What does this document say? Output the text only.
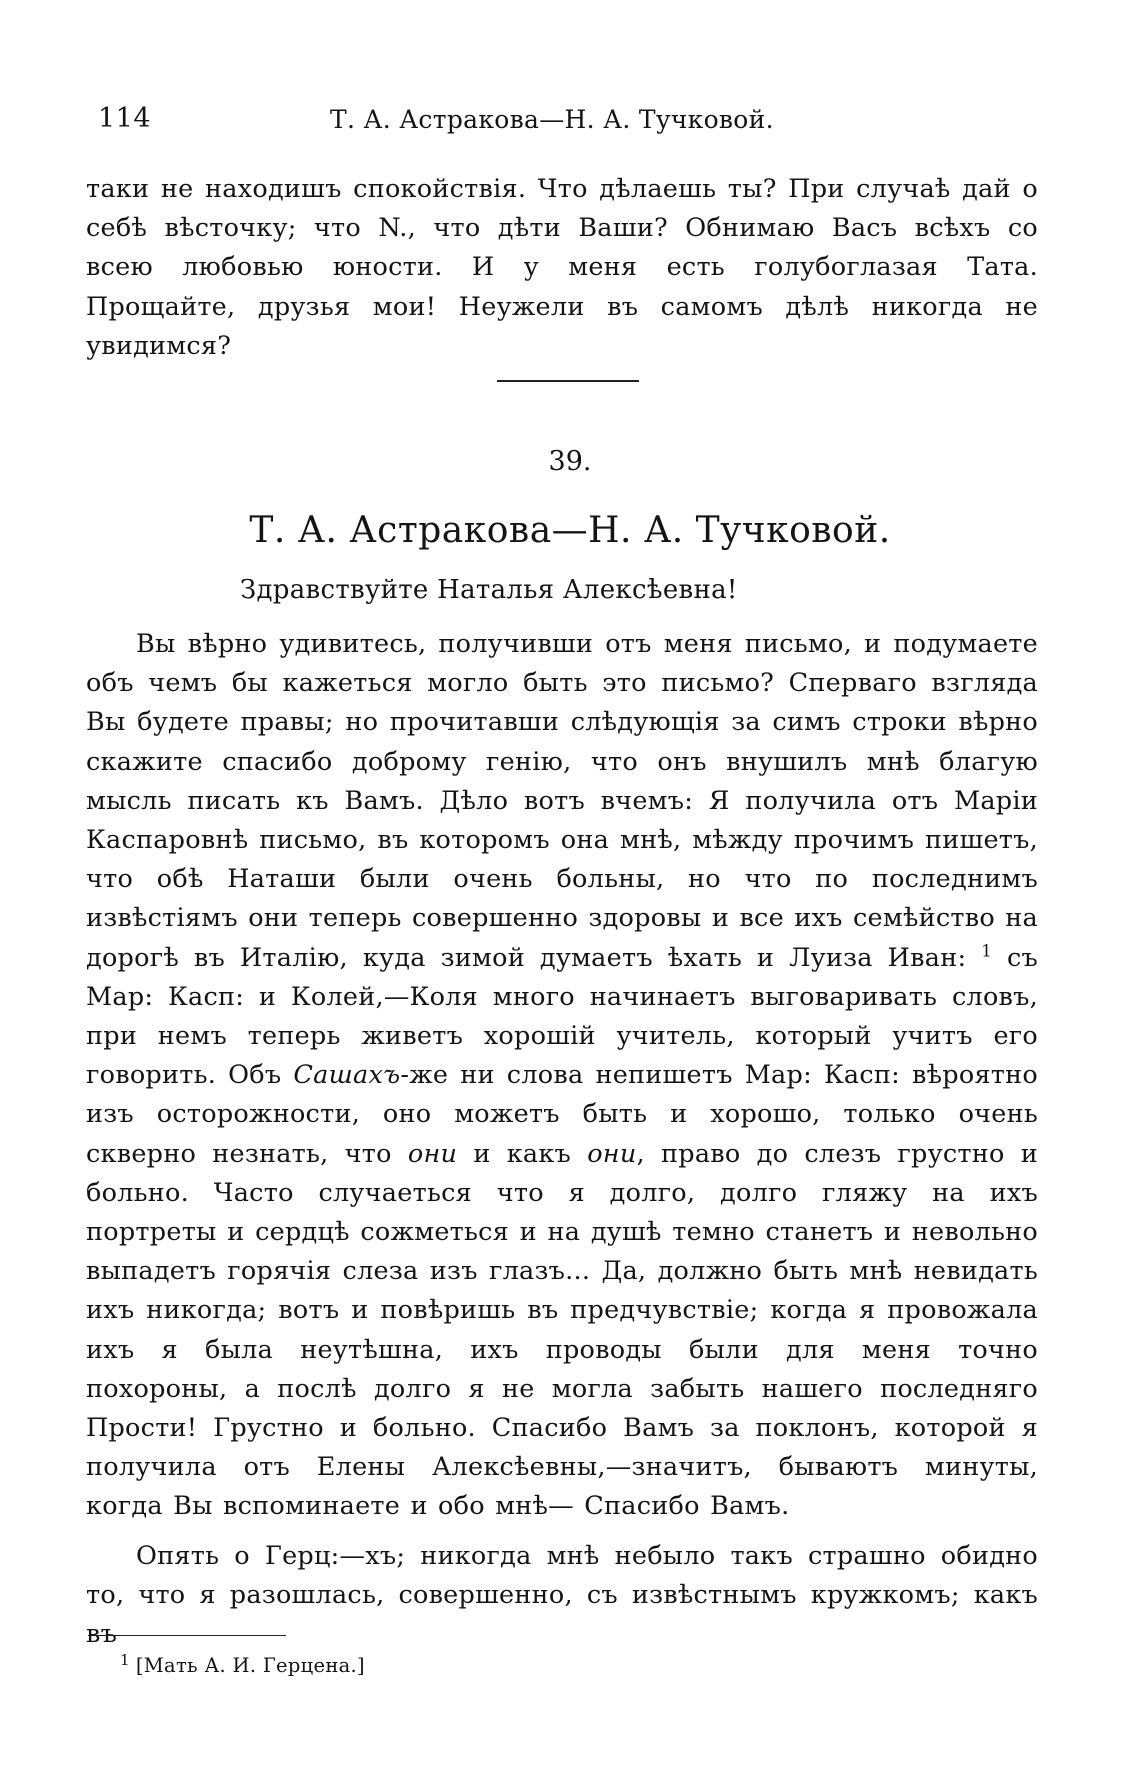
114	Т. А. Астракова—Н. А. Тучковой.

таки не находишъ спокойствія. Что дѣлаешь ты? При случаѣ дай о себѣ вѣсточку; что N., что дѣти Ваши? Обнимаю Васъ всѣхъ со всею любовью юности. И у меня есть голубоглазая Тата. Прощайте, друзья мои! Неужели въ самомъ дѣлѣ никогда не увидимся?

39.
Т. А. Астракова—Н. А. Тучковой.
Здравствуйте Наталья Алексѣевна!

Вы вѣрно удивитесь, получивши отъ меня письмо, и подумаете объ чемъ бы кажеться могло быть это письмо? Сперваго взгляда Вы будете правы; но прочитавши слѣдующія за симъ строки вѣрно скажите спасибо доброму генію, что онъ внушилъ мнѣ благую мысль писать къ Вамъ. Дѣло вотъ вчемъ: Я получила отъ Маріи Каспаровнѣ письмо, въ которомъ она мнѣ, мѣжду прочимъ пишетъ, что обѣ Наташи были очень больны, но что по последнимъ извѣстіямъ они теперь совершенно здоровы и все ихъ семѣйство на дорогѣ въ Италію, куда зимой думаетъ ѣхать и Луиза Иван: $^1$ съ Мар: Касп: и Колей,—Коля много начинаетъ выговаривать словъ, при немъ теперь живетъ хорошій учитель, который учитъ его говорить. Объ Сашахъ-же ни слова непишетъ Мар: Касп: вѣроятно изъ осторожности, оно можетъ быть и хорошо, только очень скверно незнать, что они и какъ они, право до слезъ грустно и больно. Часто случаеться что я долго, долго гляжу на ихъ портреты и сердцѣ сожметься и на душѣ темно станетъ и невольно выпадетъ горячія слеза изъ глазъ... Да, должно быть мнѣ невидать ихъ никогда; вотъ и повѣришь въ предчувствіе; когда я провожала ихъ я была неутѣшна, ихъ проводы были для меня точно похороны, а послѣ долго я не могла забыть нашего последняго Прости! Грустно и больно. Спасибо Вамъ за поклонъ, которой я получила отъ Елены Алексѣевны,—значитъ, бываютъ минуты, когда Вы вспоминаете и обо мнѣ— Спасибо Вамъ.

Опять о Герц:—хъ; никогда мнѣ небыло такъ страшно обидно то, что я разошлась, совершенно, съ извѣстнымъ кружкомъ; какъ въ

$^1$ [Мать А. И. Герцена.]
